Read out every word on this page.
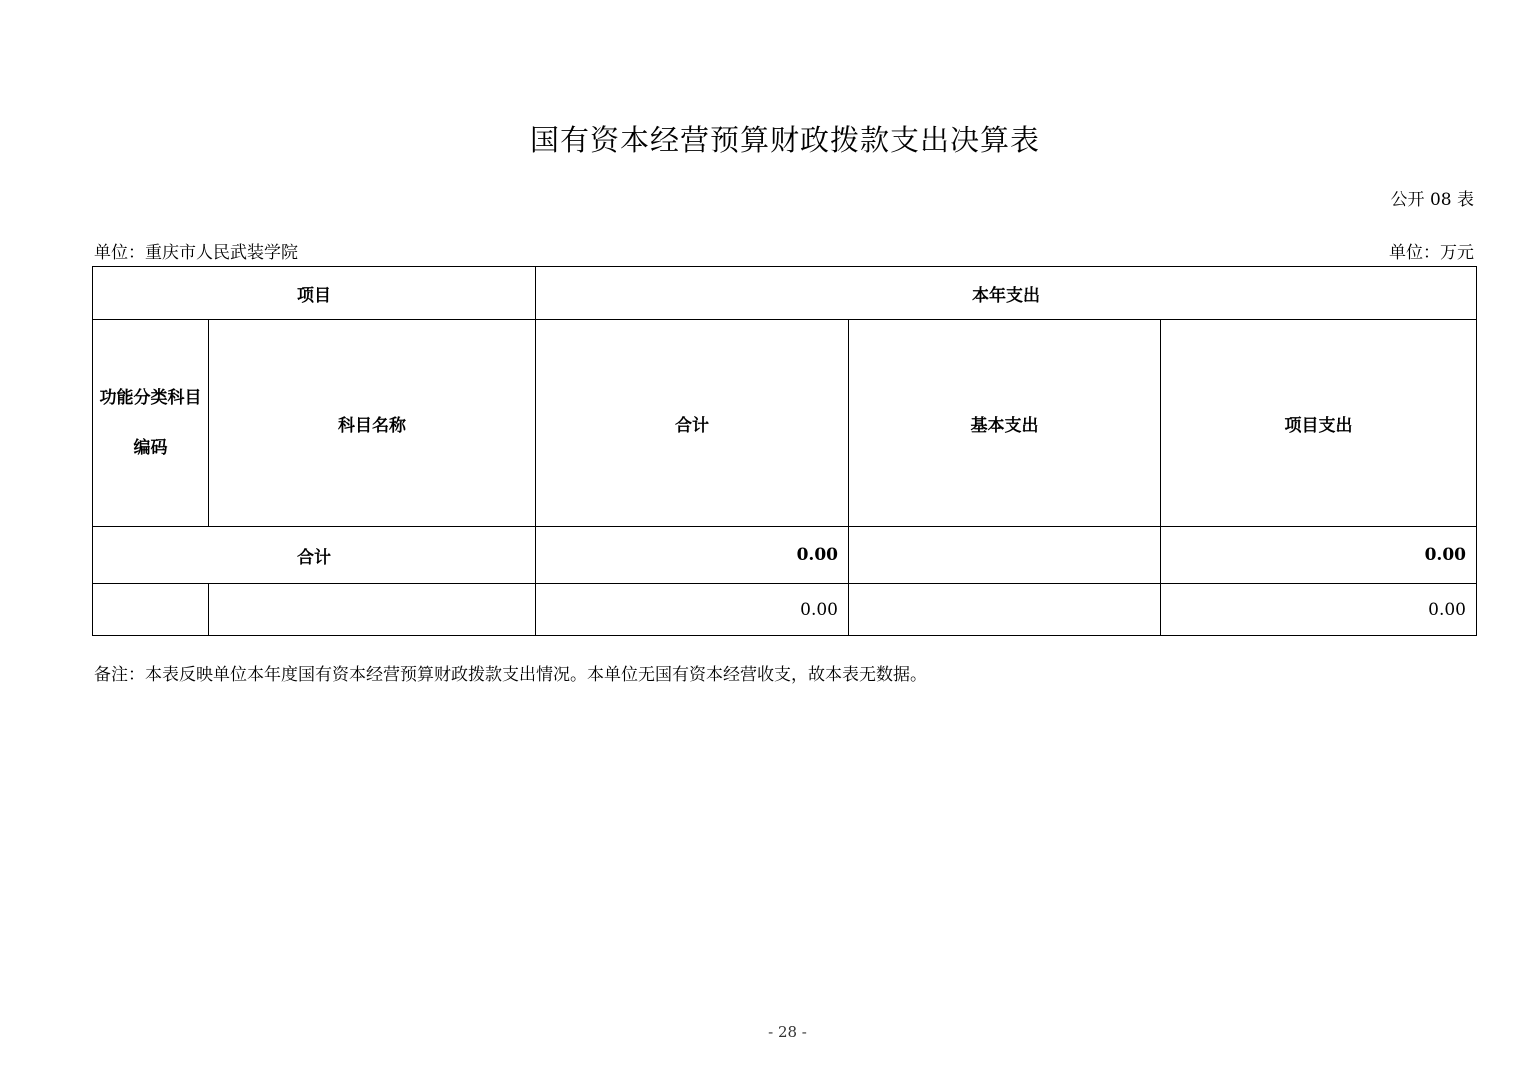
国有资本经营预算财政拨款支出决算表
公开 08 表
单位：重庆市人民武装学院	单位：万元
项目		本年支出		
功能分类科目编码	科目名称	合计	基本支出	项目支出
合计		0.00		0.00
		0.00		0.00
备注：本表反映单位本年度国有资本经营预算财政拨款支出情况。本单位无国有资本经营收支，故本表无数据。
- 28 -
